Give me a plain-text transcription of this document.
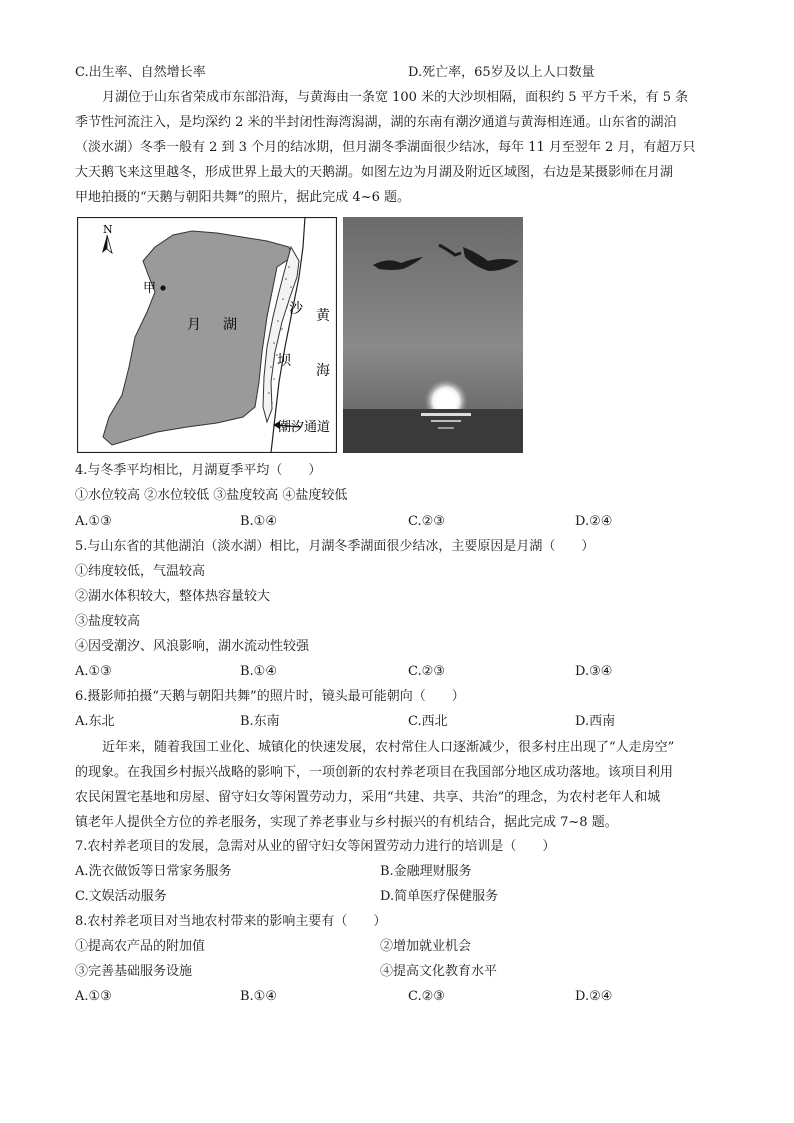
C.出生率、自然增长率	D.死亡率，65岁及以上人口数量
月湖位于山东省荣成市东部沿海，与黄海由一条宽 100 米的大沙坝相隔，面积约 5 平方千米，有 5 条
季节性河流注入，是均深约 2 米的半封闭性海湾潟湖，湖的东南有潮汐通道与黄海相连通。山东省的湖泊
（淡水湖）冬季一般有 2 到 3 个月的结冰期，但月湖冬季湖面很少结冰，每年 11 月至翌年 2 月，有超万只
大天鹅飞来这里越冬，形成世界上最大的天鹅湖。如图左边为月湖及附近区域图，右边是某摄影师在月湖
甲地拍摄的“天鹅与朝阳共舞”的照片，据此完成 4~6 题。
N
甲
月 湖
沙
坝
黄
海
潮汐通道
4.与冬季平均相比，月湖夏季平均（　　）
①水位较高 ②水位较低 ③盐度较高 ④盐度较低
A.①③	B.①④	C.②③	D.②④
5.与山东省的其他湖泊（淡水湖）相比，月湖冬季湖面很少结冰，主要原因是月湖（　　）
①纬度较低，气温较高
②湖水体积较大，整体热容量较大
③盐度较高
④因受潮汐、风浪影响，湖水流动性较强
A.①③	B.①④	C.②③	D.③④
6.摄影师拍摄“天鹅与朝阳共舞”的照片时，镜头最可能朝向（　　）
A.东北	B.东南	C.西北	D.西南
近年来，随着我国工业化、城镇化的快速发展，农村常住人口逐渐减少，很多村庄出现了“人走房空”
的现象。在我国乡村振兴战略的影响下，一项创新的农村养老项目在我国部分地区成功落地。该项目利用
农民闲置宅基地和房屋、留守妇女等闲置劳动力，采用“共建、共享、共治”的理念，为农村老年人和城
镇老年人提供全方位的养老服务，实现了养老事业与乡村振兴的有机结合，据此完成 7~8 题。
7.农村养老项目的发展，急需对从业的留守妇女等闲置劳动力进行的培训是（　　）
A.洗衣做饭等日常家务服务	B.金融理财服务
C.文娱活动服务	D.简单医疗保健服务
8.农村养老项目对当地农村带来的影响主要有（　　）
①提高农产品的附加值	②增加就业机会
③完善基础服务设施	④提高文化教育水平
A.①③	B.①④	C.②③	D.②④
